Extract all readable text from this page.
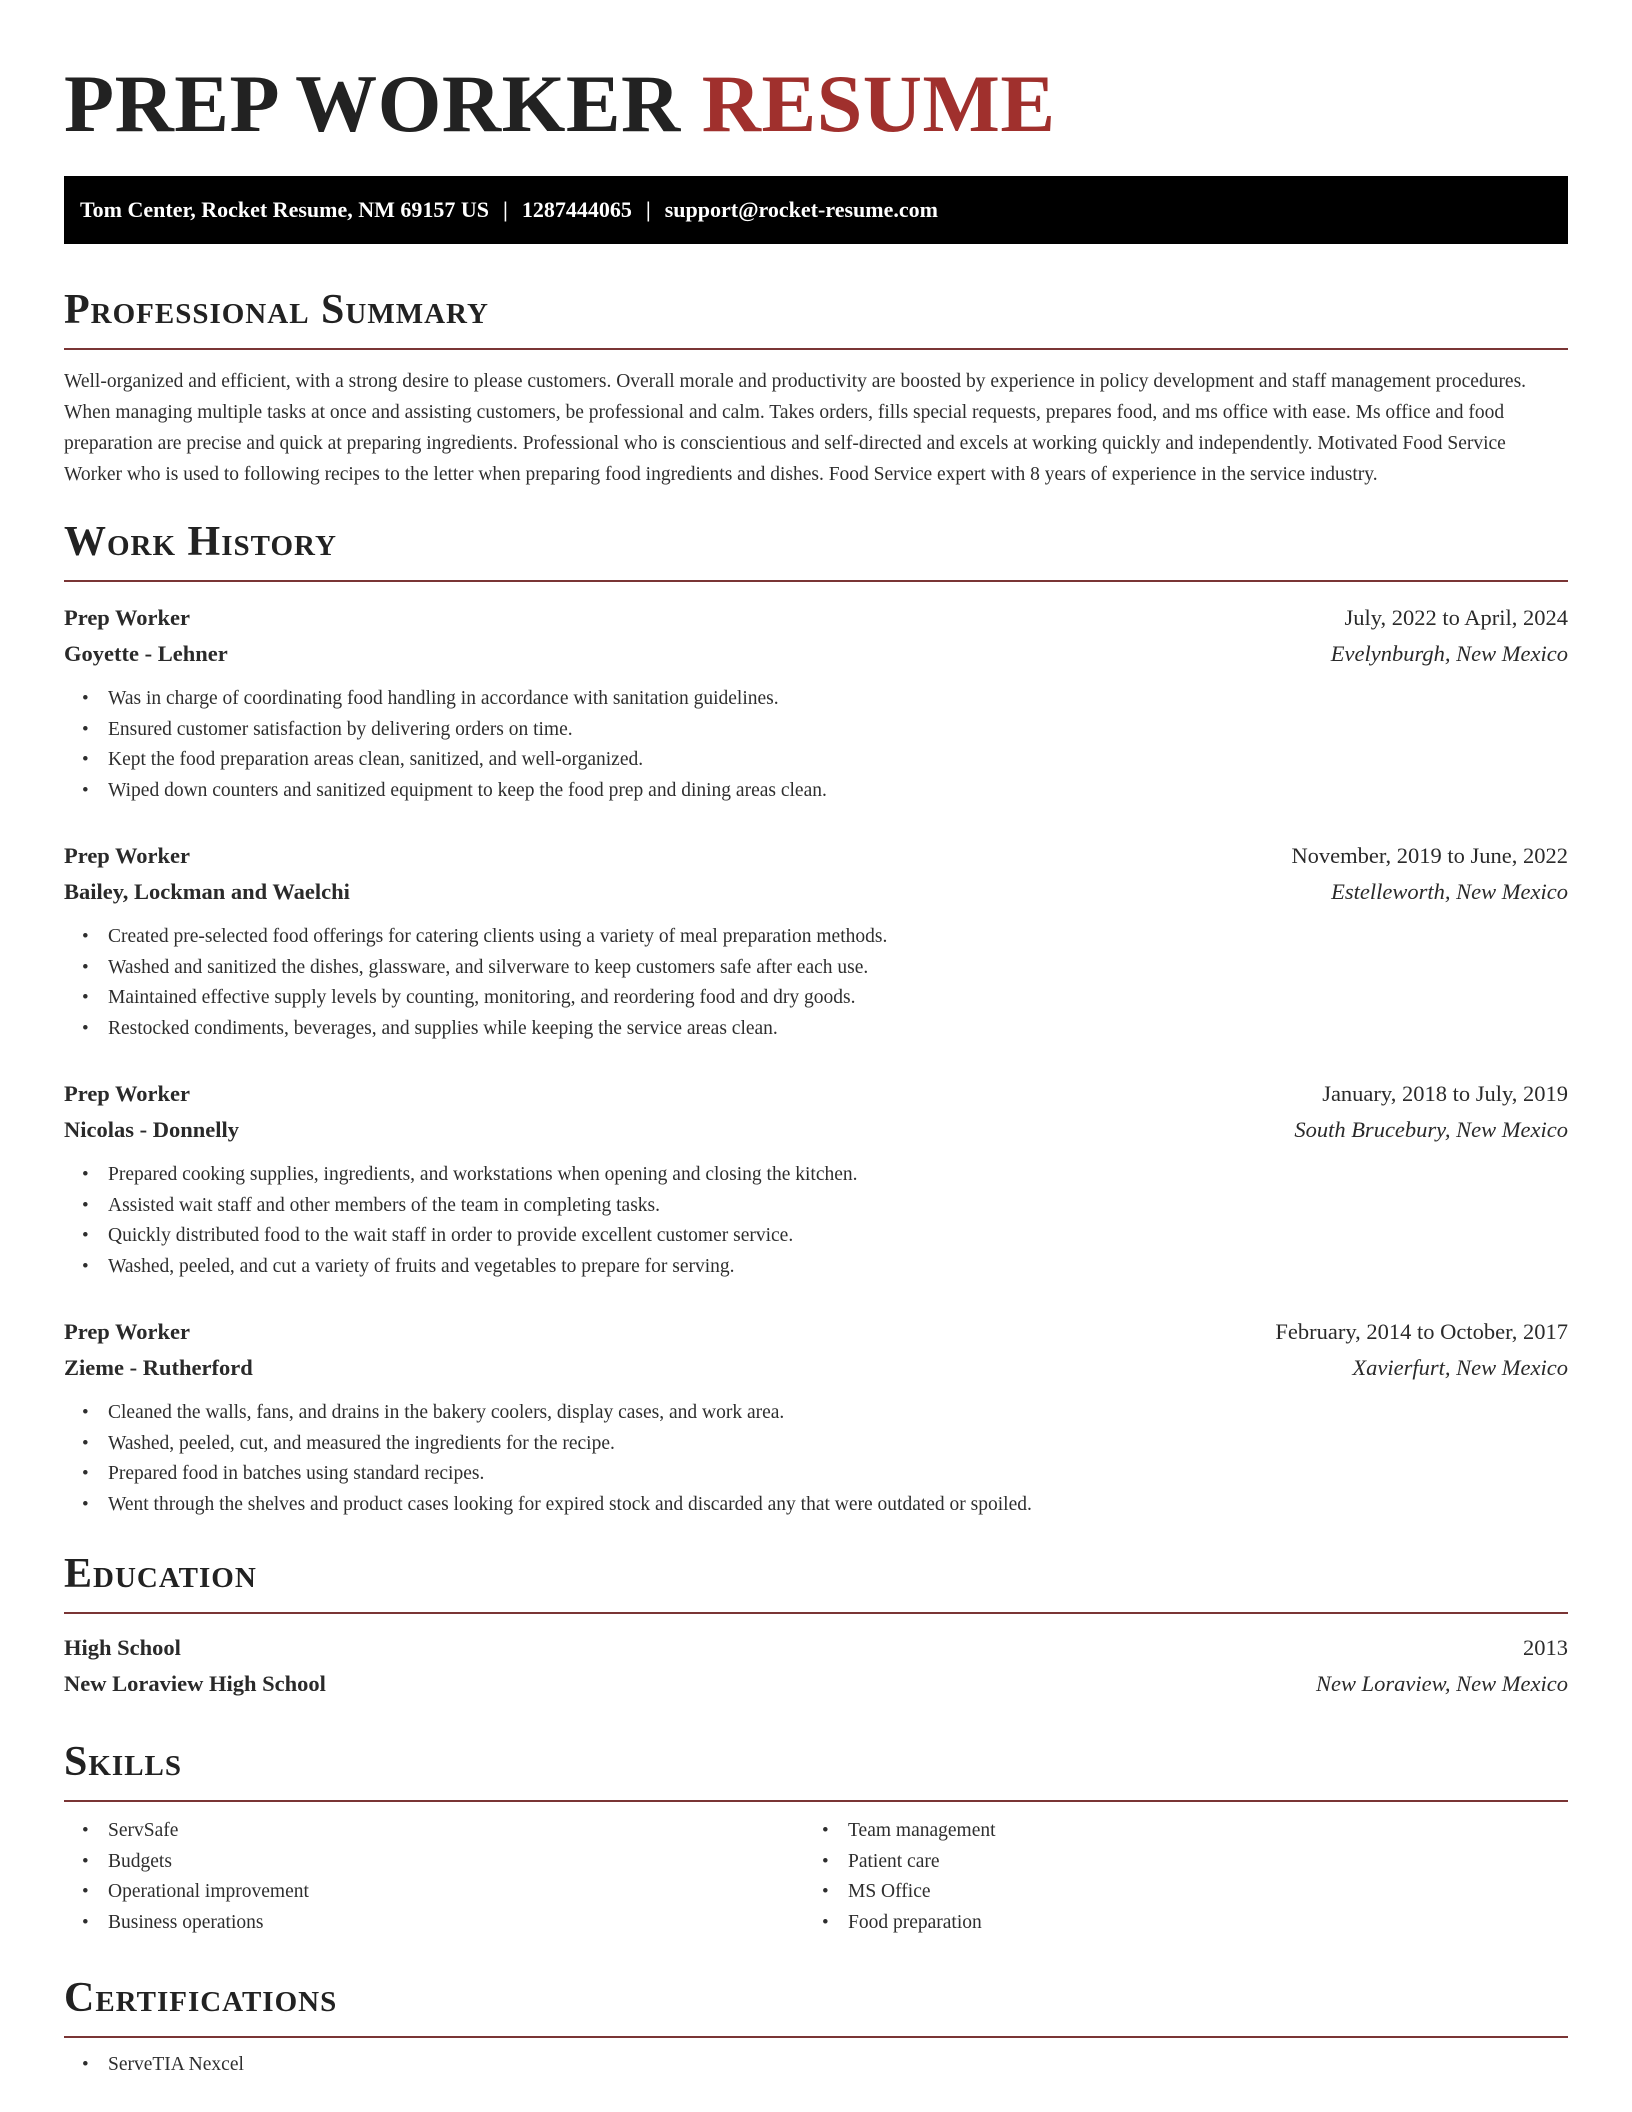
PREP WORKER RESUME
Tom Center, Rocket Resume, NM 69157 US | 1287444065 | support@rocket-resume.com
Professional Summary

Well-organized and efficient, with a strong desire to please customers. Overall morale and productivity are boosted by experience in policy development and staff management procedures. When managing multiple tasks at once and assisting customers, be professional and calm. Takes orders, fills special requests, prepares food, and ms office with ease. Ms office and food preparation are precise and quick at preparing ingredients. Professional who is conscientious and self-directed and excels at working quickly and independently. Motivated Food Service Worker who is used to following recipes to the letter when preparing food ingredients and dishes. Food Service expert with 8 years of experience in the service industry.

Work History
Prep Worker	July, 2022 to April, 2024
Goyette - Lehner	Evelynburgh, New Mexico
• Was in charge of coordinating food handling in accordance with sanitation guidelines.
• Ensured customer satisfaction by delivering orders on time.
• Kept the food preparation areas clean, sanitized, and well-organized.
• Wiped down counters and sanitized equipment to keep the food prep and dining areas clean.
Prep Worker	November, 2019 to June, 2022
Bailey, Lockman and Waelchi	Estelleworth, New Mexico
• Created pre-selected food offerings for catering clients using a variety of meal preparation methods.
• Washed and sanitized the dishes, glassware, and silverware to keep customers safe after each use.
• Maintained effective supply levels by counting, monitoring, and reordering food and dry goods.
• Restocked condiments, beverages, and supplies while keeping the service areas clean.
Prep Worker	January, 2018 to July, 2019
Nicolas - Donnelly	South Brucebury, New Mexico
• Prepared cooking supplies, ingredients, and workstations when opening and closing the kitchen.
• Assisted wait staff and other members of the team in completing tasks.
• Quickly distributed food to the wait staff in order to provide excellent customer service.
• Washed, peeled, and cut a variety of fruits and vegetables to prepare for serving.
Prep Worker	February, 2014 to October, 2017
Zieme - Rutherford	Xavierfurt, New Mexico
• Cleaned the walls, fans, and drains in the bakery coolers, display cases, and work area.
• Washed, peeled, cut, and measured the ingredients for the recipe.
• Prepared food in batches using standard recipes.
• Went through the shelves and product cases looking for expired stock and discarded any that were outdated or spoiled.
Education
High School	2013
New Loraview High School	New Loraview, New Mexico
Skills
• ServSafe
• Budgets
• Operational improvement
• Business operations
• Team management
• Patient care
• MS Office
• Food preparation
Certifications
• ServeTIA Nexcel
